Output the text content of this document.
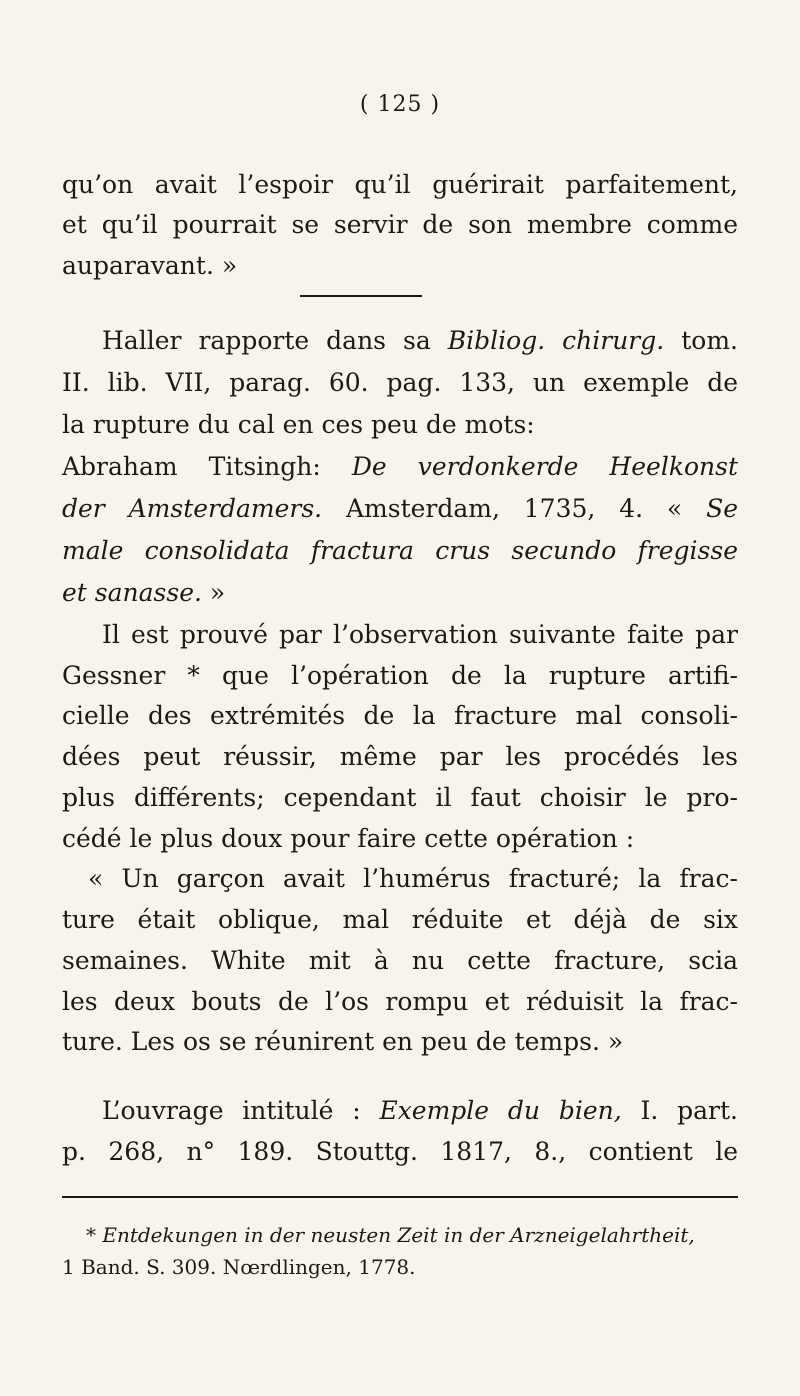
( 125 )
qu’on avait l’espoir qu’il guérirait parfaitement,
et qu’il pourrait se servir de son membre comme
auparavant. »
Haller rapporte dans sa Bibliog. chirurg. tom.
II. lib. VII, parag. 60. pag. 133, un exemple de
la rupture du cal en ces peu de mots:
Abraham Titsingh: De verdonkerde Heelkonst
der Amsterdamers. Amsterdam, 1735, 4. « Se
male consolidata fractura crus secundo fregisse
et sanasse. »
Il est prouvé par l’observation suivante faite par
Gessner * que l’opération de la rupture artifi-
cielle des extrémités de la fracture mal consoli-
dées peut réussir, même par les procédés les
plus différents; cependant il faut choisir le pro-
cédé le plus doux pour faire cette opération :
« Un garçon avait l’humérus fracturé; la frac-
ture était oblique, mal réduite et déjà de six
semaines. White mit à nu cette fracture, scia
les deux bouts de l’os rompu et réduisit la frac-
ture. Les os se réunirent en peu de temps. »
L’ouvrage intitulé : Exemple du bien, I. part.
p. 268, n° 189. Stouttg. 1817, 8., contient le
* Entdekungen in der neusten Zeit in der Arzneigelahrtheit,
1 Band. S. 309. Nœrdlingen, 1778.
